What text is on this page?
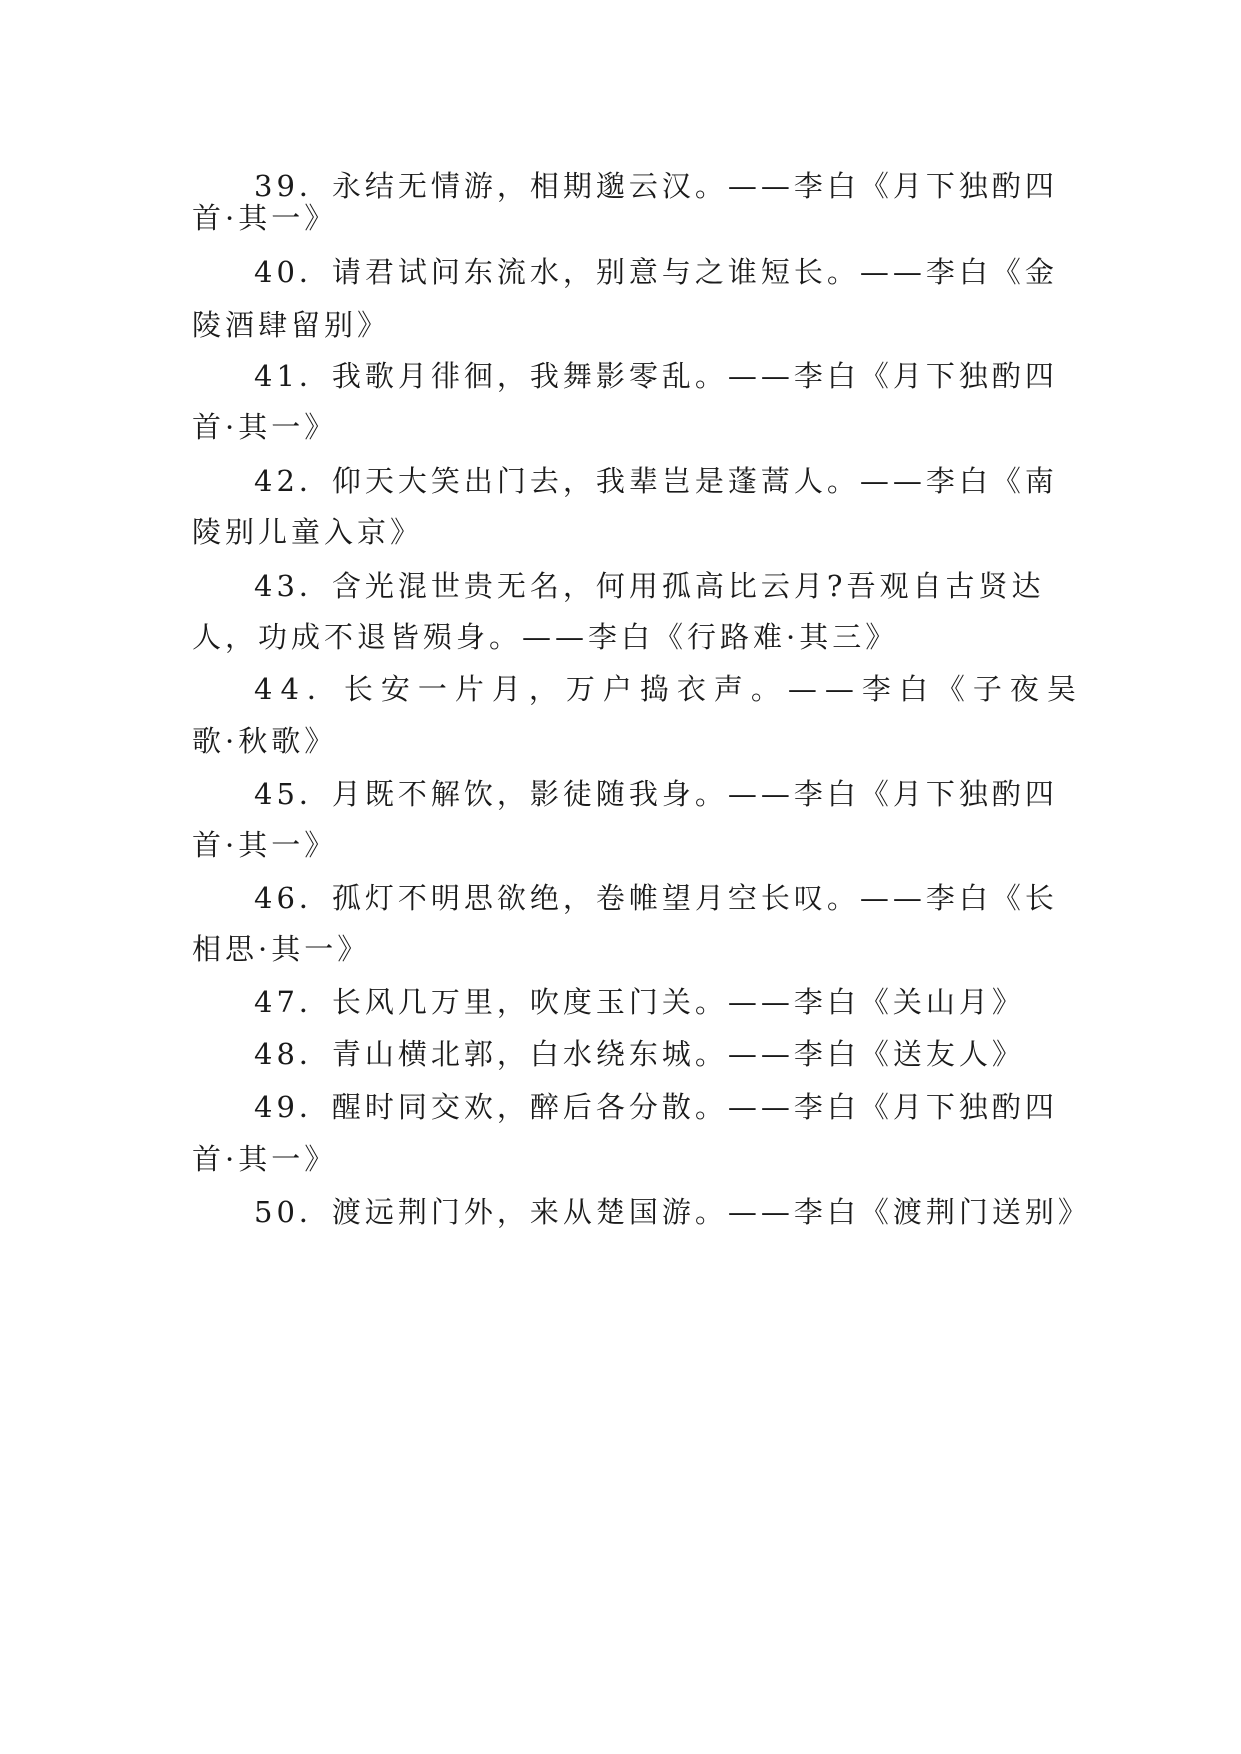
39．永结无情游，相期邈云汉。——李白《月下独酌四
首·其一》
40．请君试问东流水，别意与之谁短长。——李白《金
陵酒肆留别》
41．我歌月徘徊，我舞影零乱。——李白《月下独酌四
首·其一》
42．仰天大笑出门去，我辈岂是蓬蒿人。——李白《南
陵别儿童入京》
43．含光混世贵无名，何用孤高比云月?吾观自古贤达
人，功成不退皆殒身。——李白《行路难·其三》
44．长安一片月，万户捣衣声。——李白《子夜吴
歌·秋歌》
45．月既不解饮，影徒随我身。——李白《月下独酌四
首·其一》
46．孤灯不明思欲绝，卷帷望月空长叹。——李白《长
相思·其一》
47．长风几万里，吹度玉门关。——李白《关山月》
48．青山横北郭，白水绕东城。——李白《送友人》
49．醒时同交欢，醉后各分散。——李白《月下独酌四
首·其一》
50．渡远荆门外，来从楚国游。——李白《渡荆门送别》
